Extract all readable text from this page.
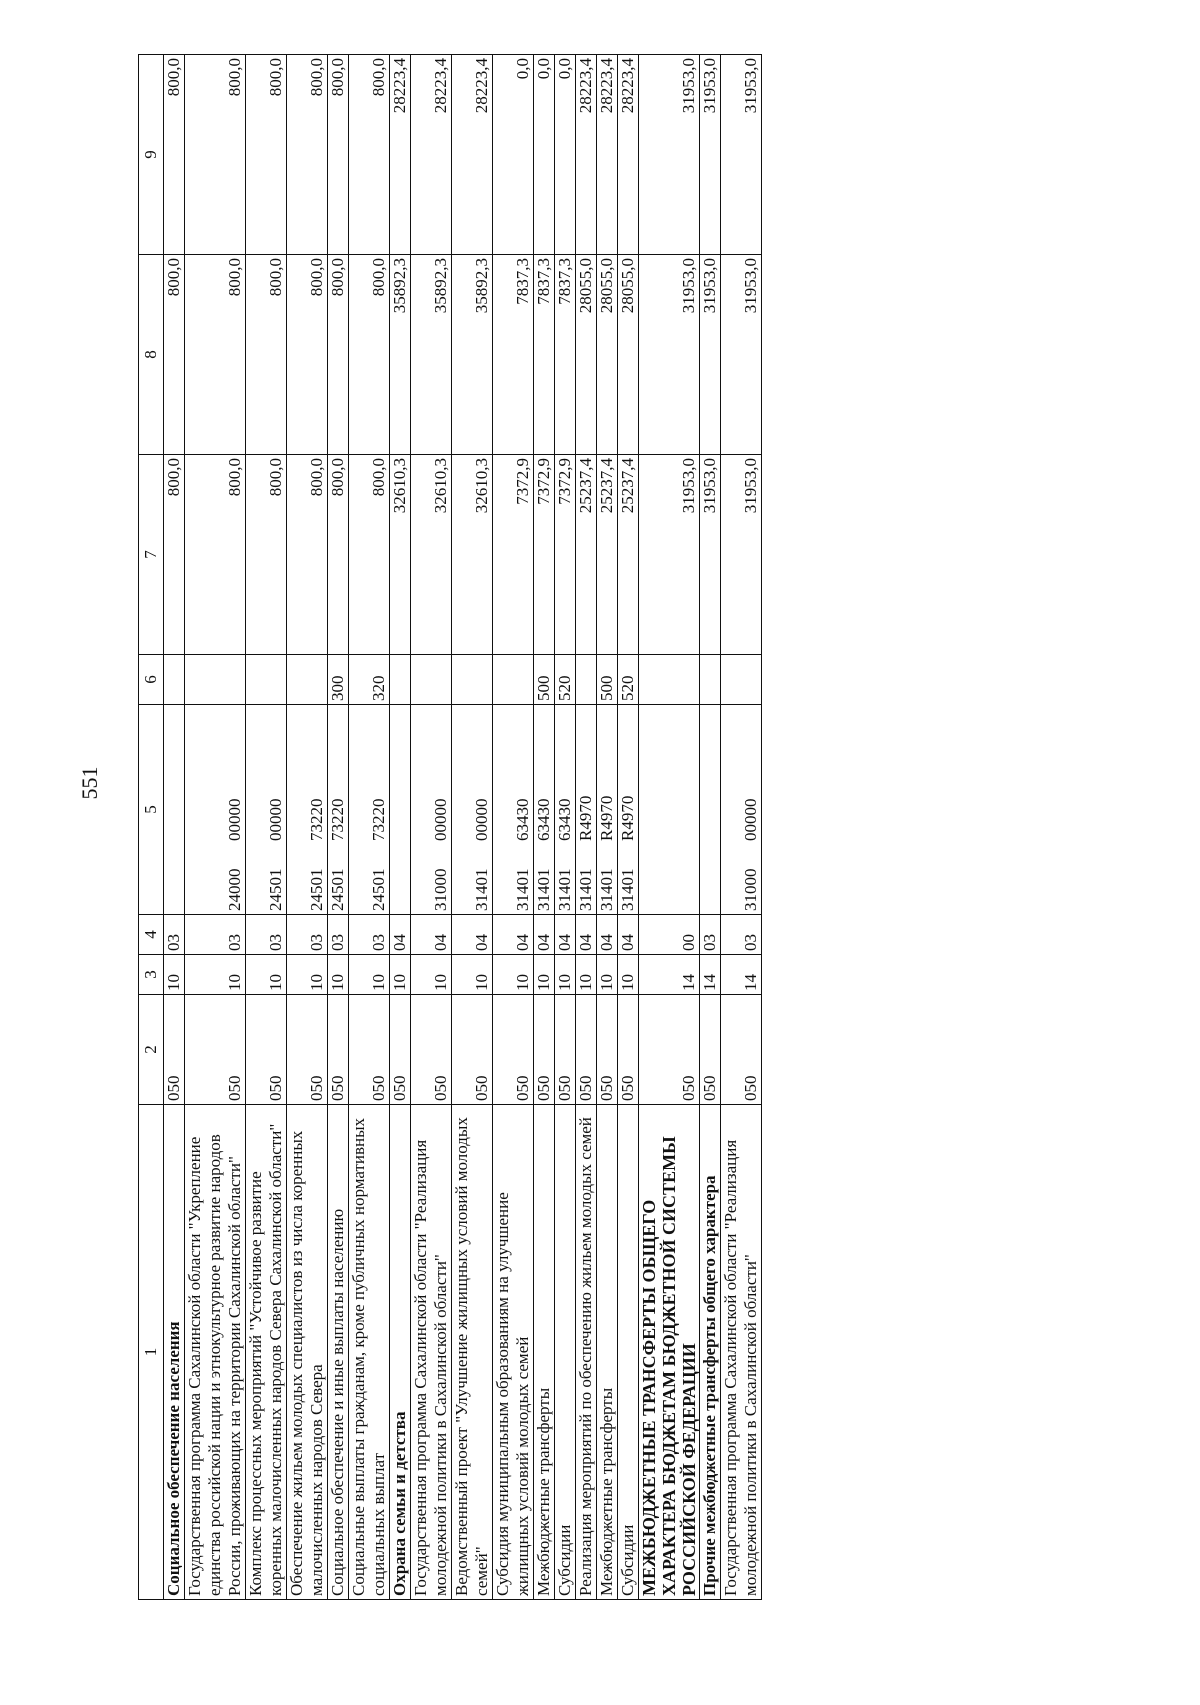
551
1	2	3	4	5	6	7	8	9
Социальное обеспечение населения	050	10	03			800,0	800,0	800,0
Государственная программа Сахалинской области "Укрепление единства российской нации и этнокультурное развитие народов России, проживающих на территории Сахалинской области"	050	10	03	2400000000		800,0	800,0	800,0
Комплекс процессных мероприятий "Устойчивое развитие коренных малочисленных народов Севера Сахалинской области"	050	10	03	2450100000		800,0	800,0	800,0
Обеспечение жильем молодых специалистов из числа коренных малочисленных народов Севера	050	10	03	2450173220		800,0	800,0	800,0
Социальное обеспечение и иные выплаты населению	050	10	03	2450173220	300	800,0	800,0	800,0
Социальные выплаты гражданам, кроме публичных нормативных социальных выплат	050	10	03	2450173220	320	800,0	800,0	800,0
Охрана семьи и детства	050	10	04			32610,3	35892,3	28223,4
Государственная программа Сахалинской области "Реализация молодежной политики в Сахалинской области"	050	10	04	3100000000		32610,3	35892,3	28223,4
Ведомственный проект "Улучшение жилищных условий молодых семей"	050	10	04	3140100000		32610,3	35892,3	28223,4
Субсидия муниципальным образованиям на улучшение жилищных условий молодых семей	050	10	04	3140163430		7372,9	7837,3	0,0
Межбюджетные трансферты	050	10	04	3140163430	500	7372,9	7837,3	0,0
Субсидии	050	10	04	3140163430	520	7372,9	7837,3	0,0
Реализация мероприятий по обеспечению жильем молодых семей	050	10	04	31401R4970		25237,4	28055,0	28223,4
Межбюджетные трансферты	050	10	04	31401R4970	500	25237,4	28055,0	28223,4
Субсидии	050	10	04	31401R4970	520	25237,4	28055,0	28223,4
МЕЖБЮДЖЕТНЫЕ ТРАНСФЕРТЫ ОБЩЕГО ХАРАКТЕРА БЮДЖЕТАМ БЮДЖЕТНОЙ СИСТЕМЫ РОССИЙСКОЙ ФЕДЕРАЦИИ	050	14	00			31953,0	31953,0	31953,0
Прочие межбюджетные трансферты общего характера	050	14	03			31953,0	31953,0	31953,0
Государственная программа Сахалинской области "Реализация молодежной политики в Сахалинской области"	050	14	03	3100000000		31953,0	31953,0	31953,0
